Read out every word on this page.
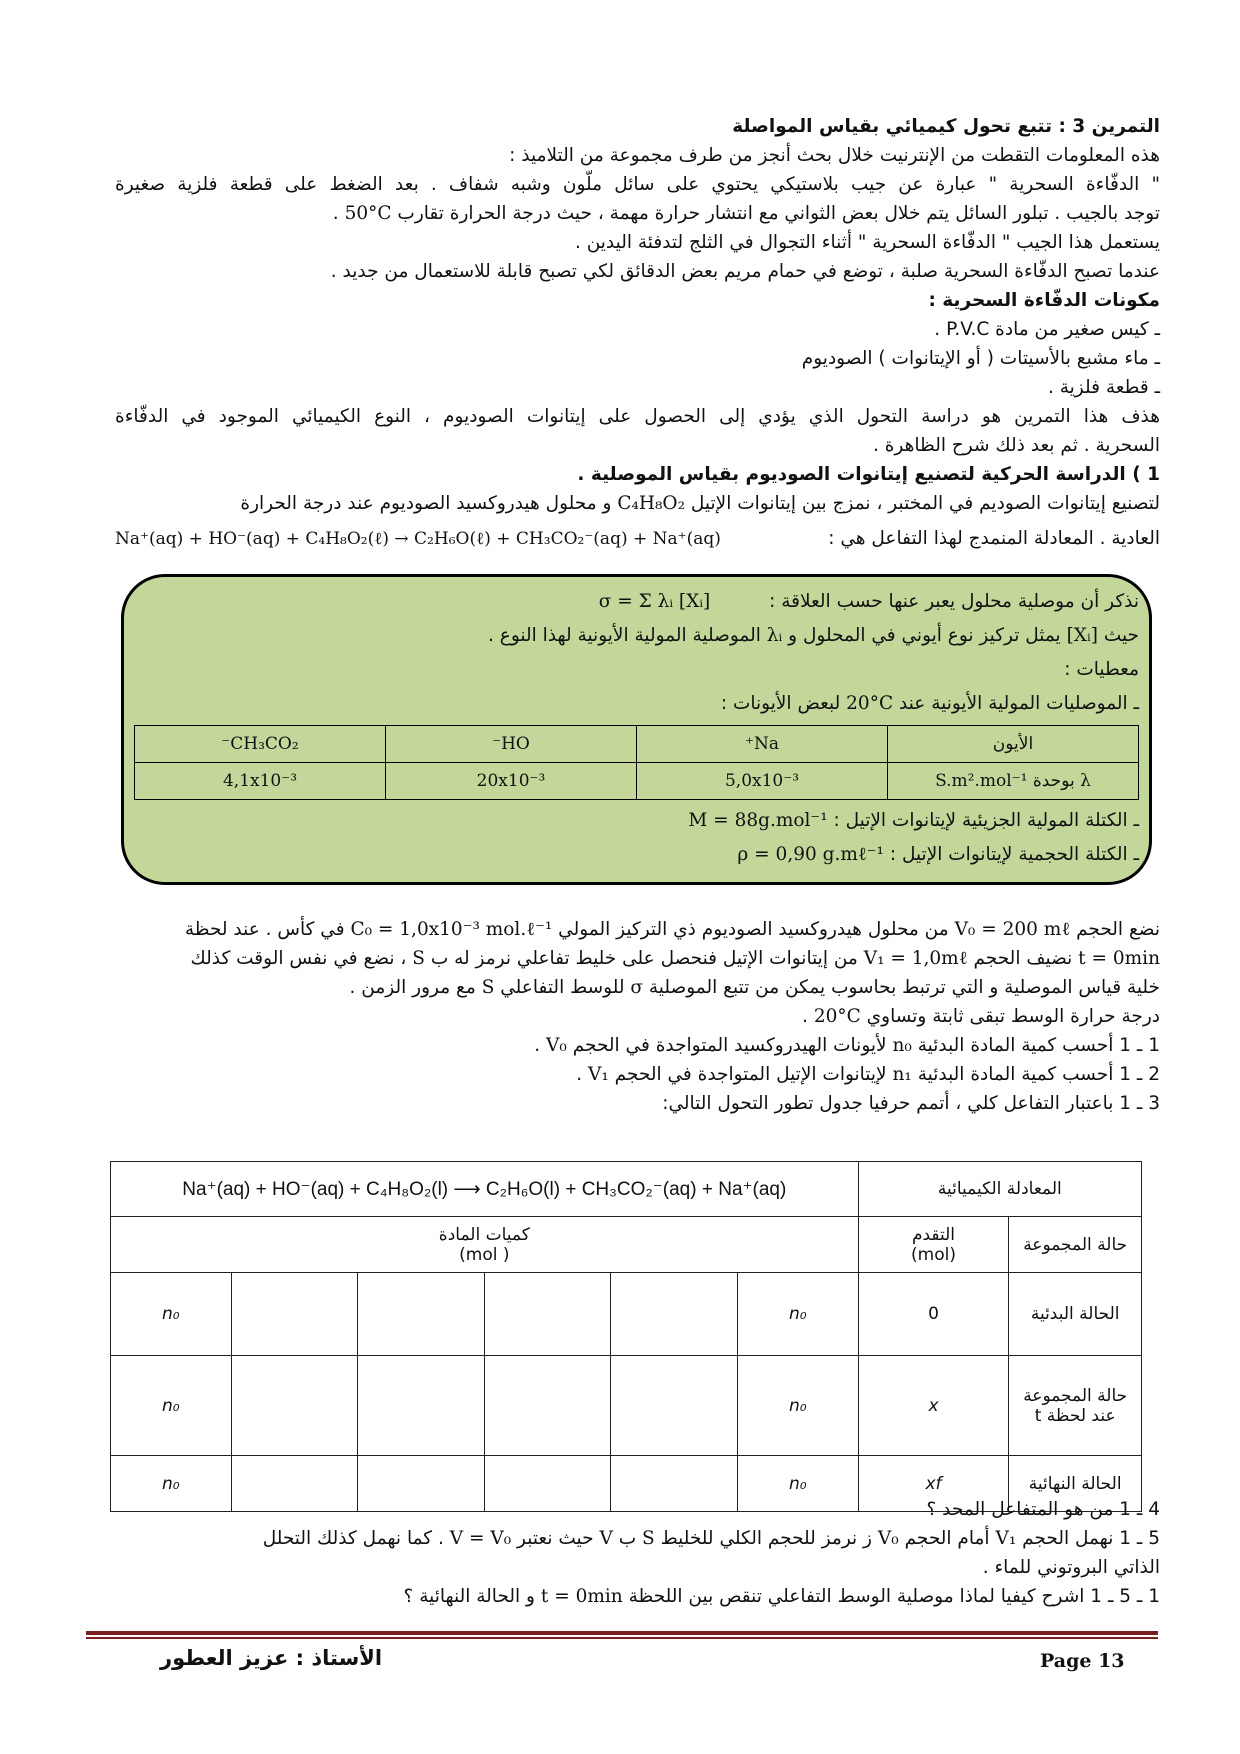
التمرين 3 : تتبع تحول كيميائي بقياس المواصلة
هذه المعلومات التقطت من الإنترنيت خلال بحث أنجز من طرف مجموعة من التلاميذ :
" الدفّاءة السحرية " عبارة عن جيب بلاستيكي يحتوي على سائل ملّون وشبه شفاف . بعد الضغط على قطعة فلزية صغيرة
توجد بالجيب . تبلور السائل يتم خلال بعض الثواني مع انتشار حرارة مهمة ، حيث درجة الحرارة تقارب 50°C .
يستعمل هذا الجيب " الدفّاءة السحرية " أثناء التجوال في الثلج لتدفئة اليدين .
عندما تصبح الدفّاءة السحرية صلبة ، توضع في حمام مريم بعض الدقائق لكي تصبح قابلة للاستعمال من جديد .
مكونات الدفّاءة السحرية :
ـ كيس صغير من مادة P.V.C .
ـ ماء مشبع بالأسيتات ( أو الإيتانوات ) الصوديوم
ـ قطعة فلزية .
هذف هذا التمرين هو دراسة التحول الذي يؤدي إلى الحصول على إيتانوات الصوديوم ، النوع الكيميائي الموجود في الدفّاءة
السحرية . ثم بعد ذلك شرح الظاهرة .
1 ) الدراسة الحركية لتصنيع إيتانوات الصوديوم بقياس الموصلية .
لتصنيع إيتانوات الصوديم في المختبر ، نمزج بين إيتانوات الإتيل C₄H₈O₂ و محلول هيدروكسيد الصوديوم عند درجة الحرارة
العادية . المعادلة المنمدج لهذا التفاعل هي :
Na⁺(aq) + HO⁻(aq) + C₄H₈O₂(ℓ) → C₂H₆O(ℓ) + CH₃CO₂⁻(aq) + Na⁺(aq)
نذكر أن موصلية محلول يعبر عنها حسب العلاقة :          σ = Σ λᵢ [Xᵢ]
حيث [Xᵢ] يمثل تركيز نوع أيوني في المحلول و λᵢ الموصلية المولية الأيونية لهذا النوع .
معطيات :
ـ الموصليات المولية الأيونية عند 20°C لبعض الأيونات :
الأيون	Na⁺	HO⁻	CH₃CO₂⁻
λ بوحدة S.m².mol⁻¹	5,0x10⁻³	20x10⁻³	4,1x10⁻³
ـ الكتلة المولية الجزيئية لإيتانوات الإتيل : M = 88g.mol⁻¹
ـ الكتلة الحجمية لإيتانوات الإتيل : ρ = 0,90 g.mℓ⁻¹
نضع الحجم V₀ = 200 mℓ من محلول هيدروكسيد الصوديوم ذي التركيز المولي C₀ = 1,0x10⁻³ mol.ℓ⁻¹ في كأس . عند لحظة
t = 0min نضيف الحجم V₁ = 1,0mℓ من إيتانوات الإتيل فنحصل على خليط تفاعلي نرمز له ب S ، نضع في نفس الوقت كذلك
خلية قياس الموصلية و التي ترتبط بحاسوب يمكن من تتبع الموصلية σ للوسط التفاعلي S مع مرور الزمن .
درجة حرارة الوسط تبقى ثابتة وتساوي 20°C .
1 ـ 1 أحسب كمية المادة البدئية n₀ لأيونات الهيدروكسيد المتواجدة في الحجم V₀ .
2 ـ 1 أحسب كمية المادة البدئية n₁ لإيتانوات الإتيل المتواجدة في الحجم V₁ .
3 ـ 1 باعتبار التفاعل كلي ، أتمم حرفيا جدول تطور التحول التالي:
المعادلة الكيميائية		Na⁺(aq) + HO⁻(aq) + C₄H₈O₂(l) ⟶ C₂H₆O(l) + CH₃CO₂⁻(aq) + Na⁺(aq)					
حالة المجموعة	التقدم
(mol)	كميات المادة
( mol)					
الحالة البدئية	0	n₀					n₀
حالة المجموعة عند لحظة t	x	n₀					n₀
الحالة النهائية	xf	n₀					n₀
4 ـ 1 من هو المتفاعل المحد ؟
5 ـ 1 نهمل الحجم V₁ أمام الحجم V₀ ز نرمز للحجم الكلي للخليط S ب V حيث نعتبر V = V₀ . كما نهمل كذلك التحلل
الذاتي البروتوني للماء .
1 ـ 5 ـ 1 اشرح كيفيا لماذا موصلية الوسط التفاعلي تنقص بين اللحظة t = 0min و الحالة النهائية ؟
الأستاذ : عزيز العطور	Page 13
